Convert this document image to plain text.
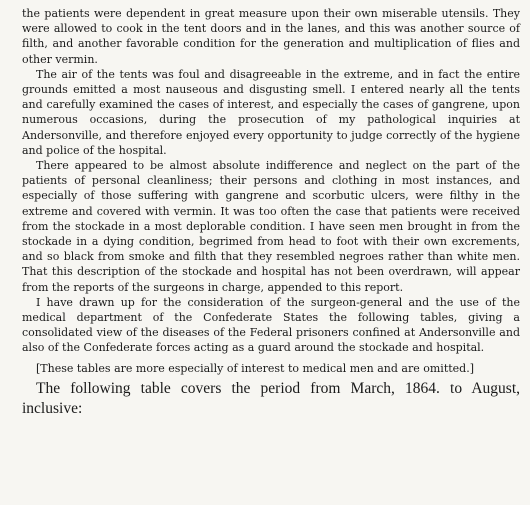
the patients were dependent in great measure upon their own miserable utensils. They were allowed to cook in the tent doors and in the lanes, and this was another source of filth, and another favorable condition for the generation and multiplication of flies and other vermin.

The air of the tents was foul and disagreeable in the extreme, and in fact the entire grounds emitted a most nauseous and disgusting smell. I entered nearly all the tents and carefully examined the cases of interest, and especially the cases of gangrene, upon numerous occasions, during the prosecution of my pathological inquiries at Andersonville, and therefore enjoyed every opportunity to judge correctly of the hygiene and police of the hospital.

There appeared to be almost absolute indifference and neglect on the part of the patients of personal cleanliness; their persons and clothing in most instances, and especially of those suffering with gangrene and scorbutic ulcers, were filthy in the extreme and covered with vermin. It was too often the case that patients were received from the stockade in a most deplorable condition. I have seen men brought in from the stockade in a dying condition, begrimed from head to foot with their own excrements, and so black from smoke and filth that they resembled negroes rather than white men. That this description of the stockade and hospital has not been overdrawn, will appear from the reports of the surgeons in charge, appended to this report.

I have drawn up for the consideration of the surgeon-general and the use of the medical department of the Confederate States the following tables, giving a consolidated view of the diseases of the Federal prisoners confined at Andersonville and also of the Confederate forces acting as a guard around the stockade and hospital.

[These tables are more especially of interest to medical men and are omitted.]

The following table covers the period from March, 1864. to August, inclusive:
